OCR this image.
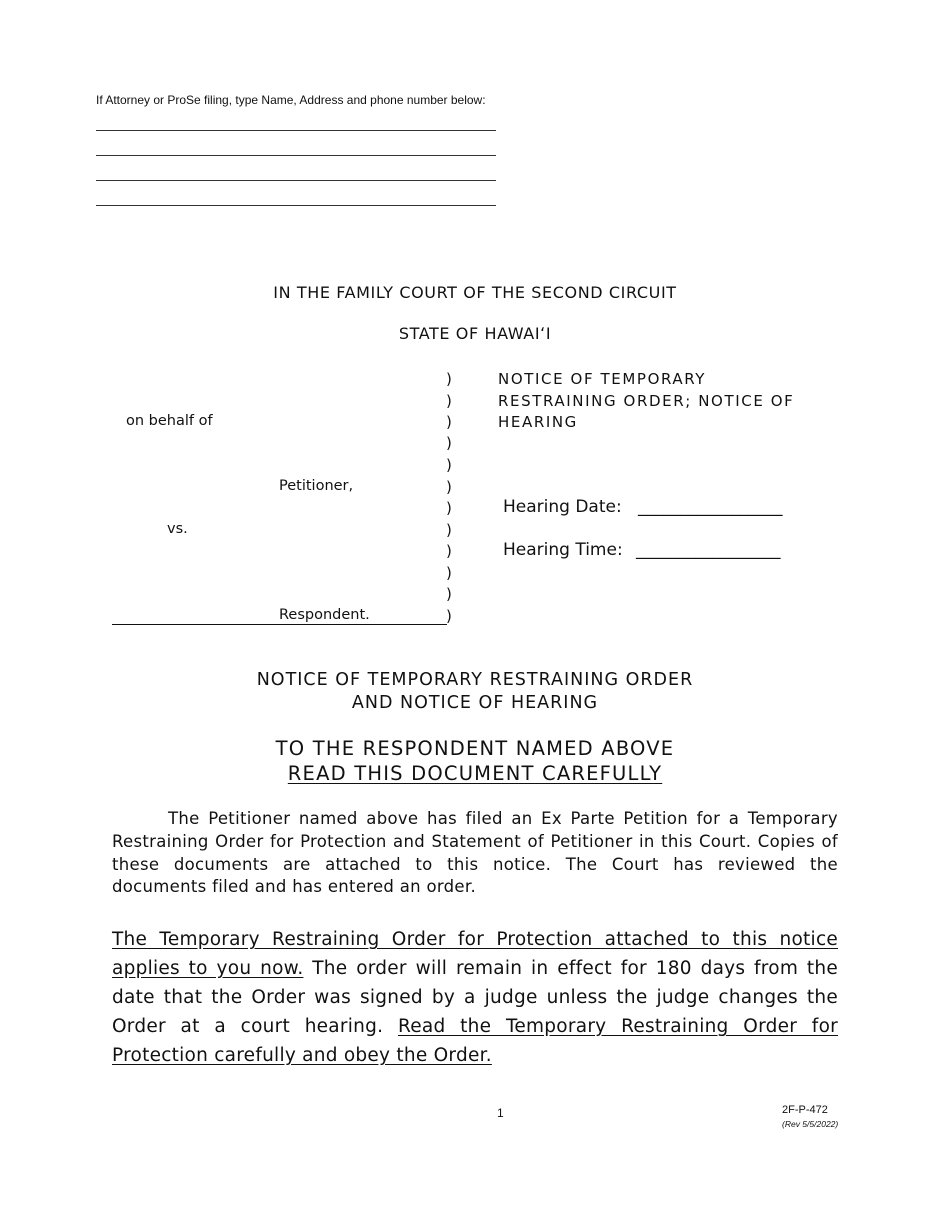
If Attorney or ProSe filing, type Name, Address and phone number below:
IN THE FAMILY COURT OF THE SECOND CIRCUIT
STATE OF HAWAIʻI
on behalf of
Petitioner,
vs.
Respondent.
)
)
)
)
)
)
)
)
)
)
)
)
NOTICE OF TEMPORARY
RESTRAINING ORDER; NOTICE OF
HEARING
Hearing Date: _________________
Hearing Time: _________________
NOTICE OF TEMPORARY RESTRAINING ORDER
AND NOTICE OF HEARING
TO THE RESPONDENT NAMED ABOVE
READ THIS DOCUMENT CAREFULLY
The Petitioner named above has filed an Ex Parte Petition for a Temporary Restraining Order for Protection and Statement of Petitioner in this Court. Copies of these documents are attached to this notice. The Court has reviewed the documents filed and has entered an order.
The Temporary Restraining Order for Protection attached to this notice applies to you now. The order will remain in effect for 180 days from the date that the Order was signed by a judge unless the judge changes the Order at a court hearing. Read the Temporary Restraining Order for Protection carefully and obey the Order.
1	2F-P-472
(Rev 5/5/2022)
